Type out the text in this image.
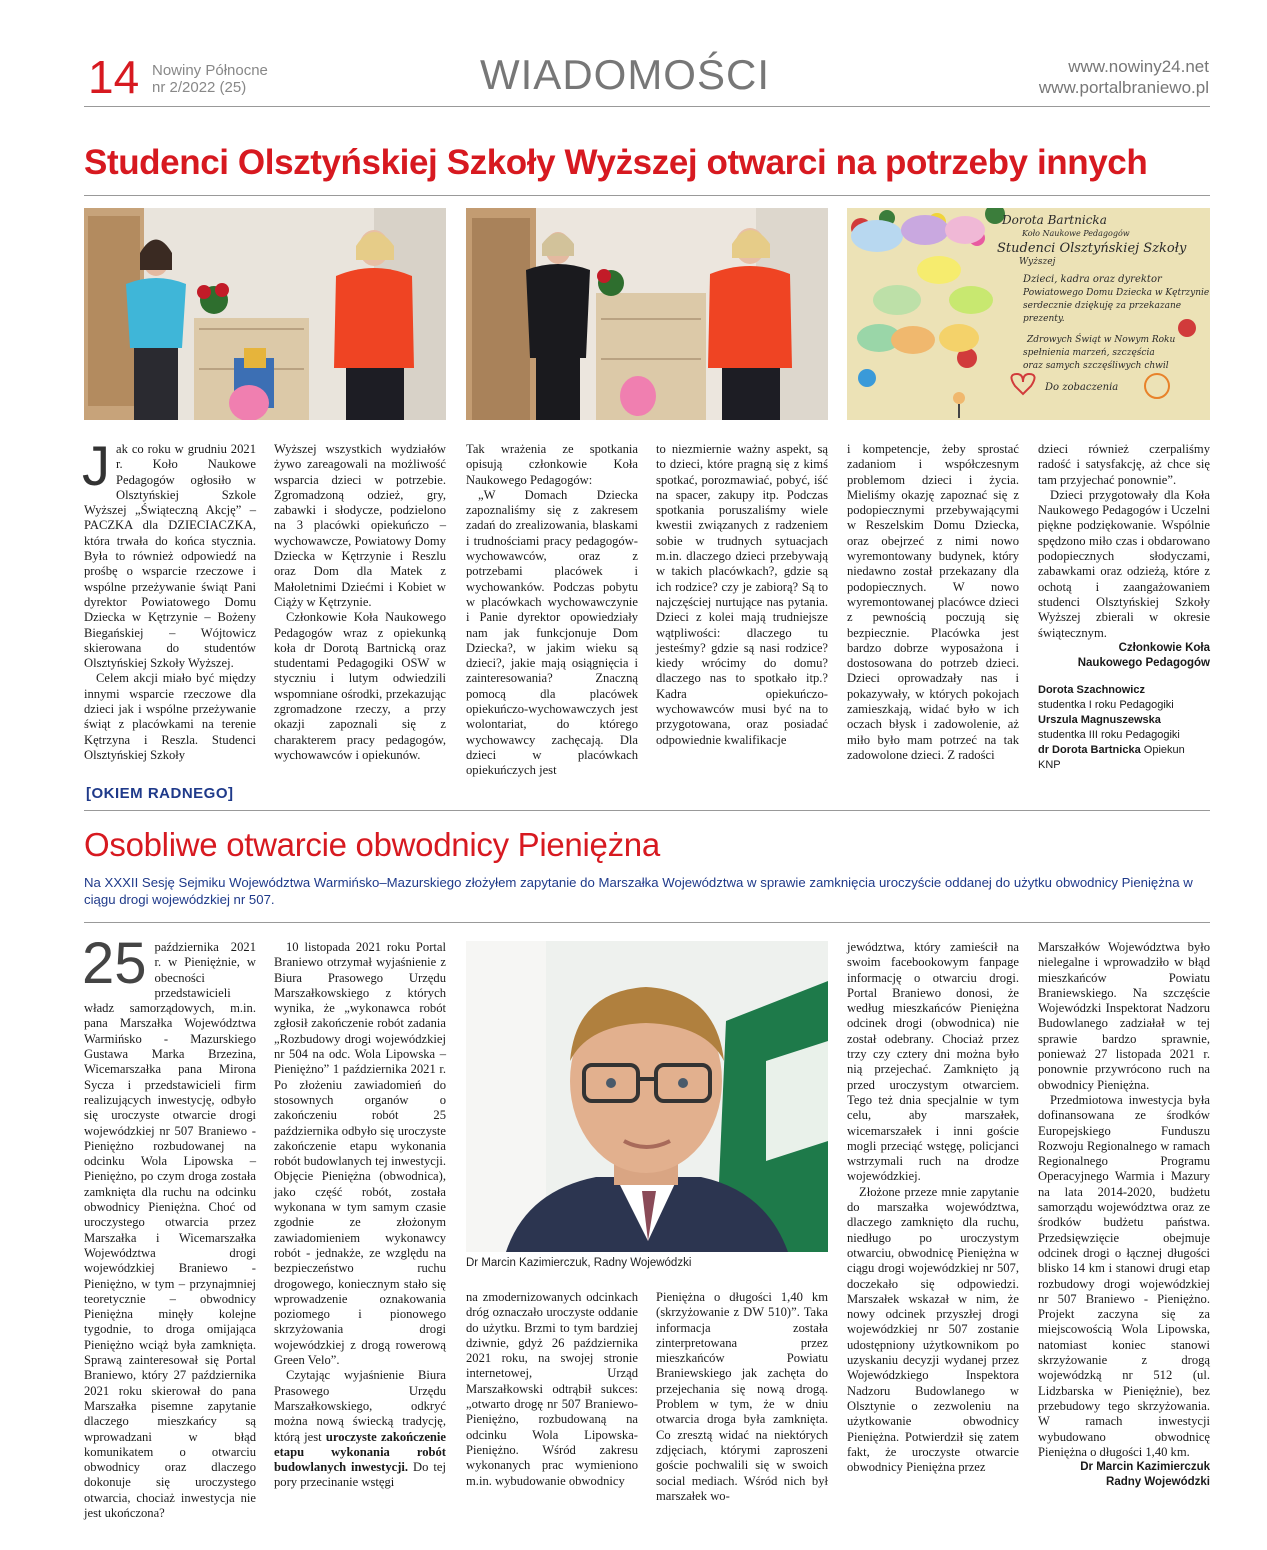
14 Nowiny Północne
nr 2/2022 (25)	WIADOMOŚCI	www.nowiny24.net
www.portalbraniewo.pl
Studenci Olsztyńskiej Szkoły Wyższej otwarci na potrzeby innych
Dorota Bartnicka
Koło Naukowe Pedagogów
Studenci Olsztyńskiej Szkoły
Wyższej
Dzieci, kadra oraz dyrektor
Powiatowego Domu Dziecka w Kętrzynie
serdecznie dziękuję za przekazane
prezenty.
Zdrowych Świąt w Nowym Roku
spełnienia marzeń, szczęścia
oraz samych szczęśliwych chwil
Do zobaczenia

Jak co roku w grudniu 2021 r. Koło Naukowe Pedagogów ogłosiło w Olsztyńskiej Szkole Wyższej „Świąteczną Akcję” – PACZKA dla DZIECIACZKA, która trwała do końca stycznia. Była to również odpowiedź na prośbę o wsparcie rzeczowe i wspólne przeżywanie świąt Pani dyrektor Powiatowego Domu Dziecka w Kętrzynie – Bożeny Biegańskiej – Wójtowicz skierowana do studentów Olsztyńskiej Szkoły Wyższej.

Celem akcji miało być między innymi wsparcie rzeczowe dla dzieci jak i wspólne przeżywanie świąt z placówkami na terenie Kętrzyna i Reszla. Studenci Olsztyńskiej Szkoły

Wyższej wszystkich wydziałów żywo zareagowali na możliwość wsparcia dzieci w potrzebie. Zgromadzoną odzież, gry, zabawki i słodycze, podzielono na 3 placówki opiekuńczo – wychowawcze, Powiatowy Domy Dziecka w Kętrzynie i Reszlu oraz Dom dla Matek z Małoletnimi Dziećmi i Kobiet w Ciąży w Kętrzynie.

Członkowie Koła Naukowego Pedagogów wraz z opiekunką koła dr Dorotą Bartnicką oraz studentami Pedagogiki OSW w styczniu i lutym odwiedzili wspomniane ośrodki, przekazując zgromadzone rzeczy, a przy okazji zapoznali się z charakterem pracy pedagogów, wychowawców i opiekunów.

Tak wrażenia ze spotkania opisują członkowie Koła Naukowego Pedagogów:

„W Domach Dziecka zapoznaliśmy się z zakresem zadań do zrealizowania, blaskami i trudnościami pracy pedagogów-wychowawców, oraz z potrzebami placówek i wychowanków. Podczas pobytu w placówkach wychowawczynie i Panie dyrektor opowiedziały nam jak funkcjonuje Dom Dziecka?, w jakim wieku są dzieci?, jakie mają osiągnięcia i zainteresowania? Znaczną pomocą dla placówek opiekuńczo-wychowawczych jest wolontariat, do którego wychowawcy zachęcają. Dla dzieci w placówkach opiekuńczych jest

to niezmiernie ważny aspekt, są to dzieci, które pragną się z kimś spotkać, porozmawiać, pobyć, iść na spacer, zakupy itp. Podczas spotkania poruszaliśmy wiele kwestii związanych z radzeniem sobie w trudnych sytuacjach m.in. dlaczego dzieci przebywają w takich placówkach?, gdzie są ich rodzice? czy je zabiorą? Są to najczęściej nurtujące nas pytania. Dzieci z kolei mają trudniejsze wątpliwości: dlaczego tu jesteśmy? gdzie są nasi rodzice? kiedy wrócimy do domu? dlaczego nas to spotkało itp.? Kadra opiekuńczo-wychowawców musi być na to przygotowana, oraz posiadać odpowiednie kwalifikacje

i kompetencje, żeby sprostać zadaniom i współczesnym problemom dzieci i życia. Mieliśmy okazję zapoznać się z podopiecznymi przebywającymi w Reszelskim Domu Dziecka, oraz obejrzeć z nimi nowo wyremontowany budynek, który niedawno został przekazany dla podopiecznych. W nowo wyremontowanej placówce dzieci z pewnością poczują się bezpiecznie. Placówka jest bardzo dobrze wyposażona i dostosowana do potrzeb dzieci. Dzieci oprowadzały nas i pokazywały, w których pokojach zamieszkają, widać było w ich oczach błysk i zadowolenie, aż miło było mam potrzeć na tak zadowolone dzieci. Z radości

dzieci również czerpaliśmy radość i satysfakcję, aż chce się tam przyjechać ponownie”.

Dzieci przygotowały dla Koła Naukowego Pedagogów i Uczelni piękne podziękowanie. Wspólnie spędzono miło czas i obdarowano podopiecznych słodyczami, zabawkami oraz odzieżą, które z ochotą i zaangażowaniem studenci Olsztyńskiej Szkoły Wyższej zbierali w okresie świątecznym.

Członkowie Koła
Naukowego Pedagogów
Dorota Szachnowicz
studentka I roku Pedagogiki
Urszula Magnuszewska
studentka III roku Pedagogiki
dr Dorota Bartnicka Opiekun KNP
[OKIEM RADNEGO]
Osobliwe otwarcie obwodnicy Pieniężna
Na XXXII Sesję Sejmiku Województwa Warmińsko–Mazurskiego złożyłem zapytanie do Marszałka Województwa w sprawie zamknięcia uroczyście oddanej do użytku obwodnicy Pieniężna w ciągu drogi wojewódzkiej nr 507.

25 października 2021 r. w Pieniężnie, w obecności przedstawicieli władz samorządowych, m.in. pana Marszałka Województwa Warmińsko - Mazurskiego Gustawa Marka Brzezina, Wicemarszałka pana Mirona Sycza i przedstawicieli firm realizujących inwestycję, odbyło się uroczyste otwarcie drogi wojewódzkiej nr 507 Braniewo - Pieniężno rozbudowanej na odcinku Wola Lipowska – Pieniężno, po czym droga została zamknięta dla ruchu na odcinku obwodnicy Pieniężna. Choć od uroczystego otwarcia przez Marszałka i Wicemarszałka Województwa drogi wojewódzkiej Braniewo -Pieniężno, w tym – przynajmniej teoretycznie – obwodnicy Pieniężna minęły kolejne tygodnie, to droga omijająca Pieniężno wciąż była zamknięta. Sprawą zainteresował się Portal Braniewo, który 27 października 2021 roku skierował do pana Marszałka pisemne zapytanie dlaczego mieszkańcy są wprowadzani w błąd komunikatem o otwarciu obwodnicy oraz dlaczego dokonuje się uroczystego otwarcia, chociaż inwestycja nie jest ukończona?

10 listopada 2021 roku Portal Braniewo otrzymał wyjaśnienie z Biura Prasowego Urzędu Marszałkowskiego z których wynika, że „wykonawca robót zgłosił zakończenie robót zadania „Rozbudowy drogi wojewódzkiej nr 504 na odc. Wola Lipowska – Pieniężno” 1 października 2021 r. Po złożeniu zawiadomień do stosownych organów o zakończeniu robót 25 października odbyło się uroczyste zakończenie etapu wykonania robót budowlanych tej inwestycji. Objęcie Pieniężna (obwodnica), jako część robót, została wykonana w tym samym czasie zgodnie ze złożonym zawiadomieniem wykonawcy robót - jednakże, ze względu na bezpieczeństwo ruchu drogowego, koniecznym stało się wprowadzenie oznakowania poziomego i pionowego skrzyżowania drogi wojewódzkiej z drogą rowerową Green Velo”.

Czytając wyjaśnienie Biura Prasowego Urzędu Marszałkowskiego, odkryć można nową świecką tradycję, którą jest uroczyste zakończenie etapu wykonania robót budowlanych inwestycji. Do tej pory przecinanie wstęgi

Dr Marcin Kazimierczuk, Radny Wojewódzki

na zmodernizowanych odcinkach dróg oznaczało uroczyste oddanie do użytku. Brzmi to tym bardziej dziwnie, gdyż 26 października 2021 roku, na swojej stronie internetowej, Urząd Marszałkowski odtrąbił sukces: „otwarto drogę nr 507 Braniewo-Pieniężno, rozbudowaną na odcinku Wola Lipowska-Pieniężno. Wśród zakresu wykonanych prac wymieniono m.in. wybudowanie obwodnicy

Pieniężna o długości 1,40 km (skrzyżowanie z DW 510)”. Taka informacja została zinterpretowana przez mieszkańców Powiatu Braniewskiego jak zachęta do przejechania się nową drogą. Problem w tym, że w dniu otwarcia droga była zamknięta. Co zresztą widać na niektórych zdjęciach, którymi zaproszeni goście pochwalili się w swoich social mediach. Wśród nich był marszałek wo-

jewództwa, który zamieścił na swoim facebookowym fanpage informację o otwarciu drogi. Portal Braniewo donosi, że według mieszkańców Pieniężna odcinek drogi (obwodnica) nie został odebrany. Chociaż przez trzy czy cztery dni można było nią przejechać. Zamknięto ją przed uroczystym otwarciem. Tego też dnia specjalnie w tym celu, aby marszałek, wicemarszałek i inni goście mogli przeciąć wstęgę, policjanci wstrzymali ruch na drodze wojewódzkiej.

Złożone przeze mnie zapytanie do marszałka województwa, dlaczego zamknięto dla ruchu, niedługo po uroczystym otwarciu, obwodnicę Pieniężna w ciągu drogi wojewódzkiej nr 507, doczekało się odpowiedzi. Marszałek wskazał w nim, że nowy odcinek przyszłej drogi wojewódzkiej nr 507 zostanie udostępniony użytkownikom po uzyskaniu decyzji wydanej przez Wojewódzkiego Inspektora Nadzoru Budowlanego w Olsztynie o zezwoleniu na użytkowanie obwodnicy Pieniężna. Potwierdził się zatem fakt, że uroczyste otwarcie obwodnicy Pieniężna przez

Marszałków Województwa było nielegalne i wprowadziło w błąd mieszkańców Powiatu Braniewskiego. Na szczęście Wojewódzki Inspektorat Nadzoru Budowlanego zadziałał w tej sprawie bardzo sprawnie, ponieważ 27 listopada 2021 r. ponownie przywrócono ruch na obwodnicy Pieniężna.

Przedmiotowa inwestycja była dofinansowana ze środków Europejskiego Funduszu Rozwoju Regionalnego w ramach Regionalnego Programu Operacyjnego Warmia i Mazury na lata 2014-2020, budżetu samorządu województwa oraz ze środków budżetu państwa. Przedsięwzięcie obejmuje odcinek drogi o łącznej długości blisko 14 km i stanowi drugi etap rozbudowy drogi wojewódzkiej nr 507 Braniewo - Pieniężno. Projekt zaczyna się za miejscowością Wola Lipowska, natomiast koniec stanowi skrzyżowanie z drogą wojewódzką nr 512 (ul. Lidzbarska w Pieniężnie), bez przebudowy tego skrzyżowania. W ramach inwestycji wybudowano obwodnicę Pieniężna o długości 1,40 km.

Dr Marcin Kazimierczuk
Radny Wojewódzki
